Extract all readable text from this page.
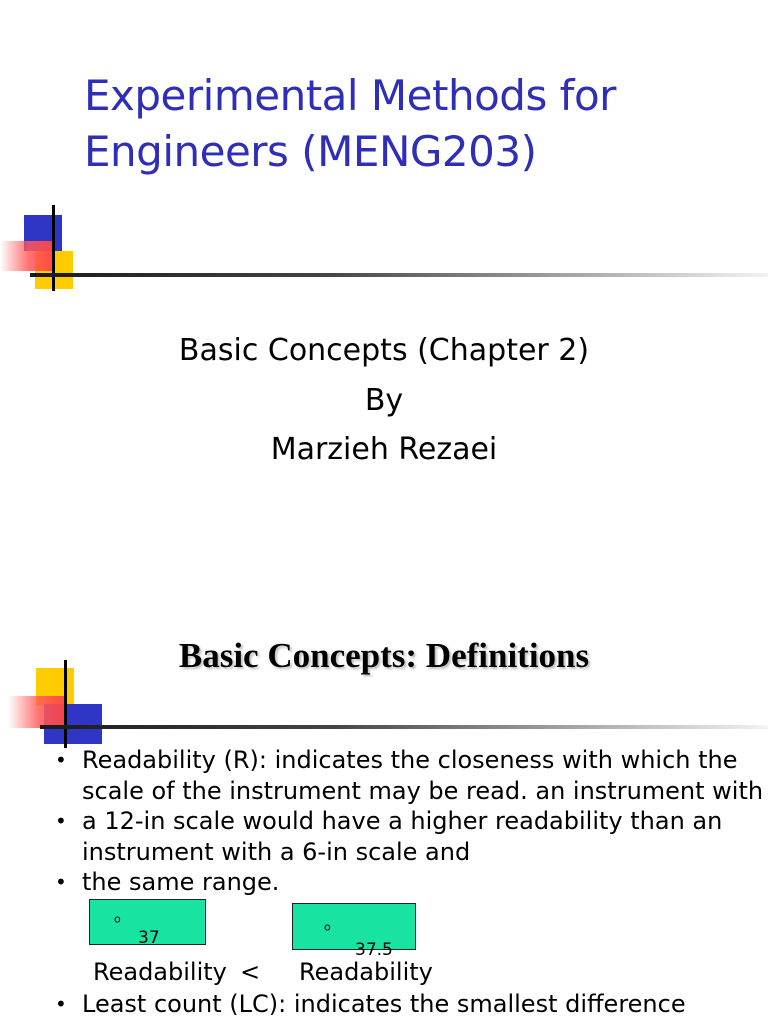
Experimental Methods for
Engineers (MENG203)
Basic Concepts (Chapter 2)
By
Marzieh Rezaei
Basic Concepts: Definitions
• Readability (R): indicates the closeness with which the
scale of the instrument may be read. an instrument with
• a 12-in scale would have a higher readability than an
instrument with a 6-in scale and
• the same range.
37
$^o$
37.5
$^o$
Readability < Readability
• Least count (LC): indicates the smallest difference
